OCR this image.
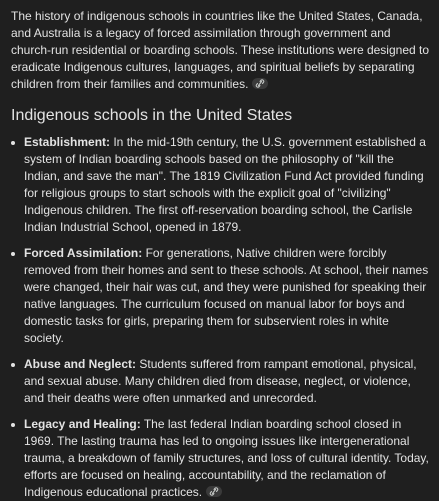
The history of indigenous schools in countries like the United States, Canada, and Australia is a legacy of forced assimilation through government and church-run residential or boarding schools. These institutions were designed to eradicate Indigenous cultures, languages, and spiritual beliefs by separating children from their families and communities.

Indigenous schools in the United States
Establishment: In the mid-19th century, the U.S. government established a system of Indian boarding schools based on the philosophy of "kill the Indian, and save the man". The 1819 Civilization Fund Act provided funding for religious groups to start schools with the explicit goal of "civilizing" Indigenous children. The first off-reservation boarding school, the Carlisle Indian Industrial School, opened in 1879.
Forced Assimilation: For generations, Native children were forcibly removed from their homes and sent to these schools. At school, their names were changed, their hair was cut, and they were punished for speaking their native languages. The curriculum focused on manual labor for boys and domestic tasks for girls, preparing them for subservient roles in white society.
Abuse and Neglect: Students suffered from rampant emotional, physical, and sexual abuse. Many children died from disease, neglect, or violence, and their deaths were often unmarked and unrecorded.
Legacy and Healing: The last federal Indian boarding school closed in 1969. The lasting trauma has led to ongoing issues like intergenerational trauma, a breakdown of family structures, and loss of cultural identity. Today, efforts are focused on healing, accountability, and the reclamation of Indigenous educational practices.
